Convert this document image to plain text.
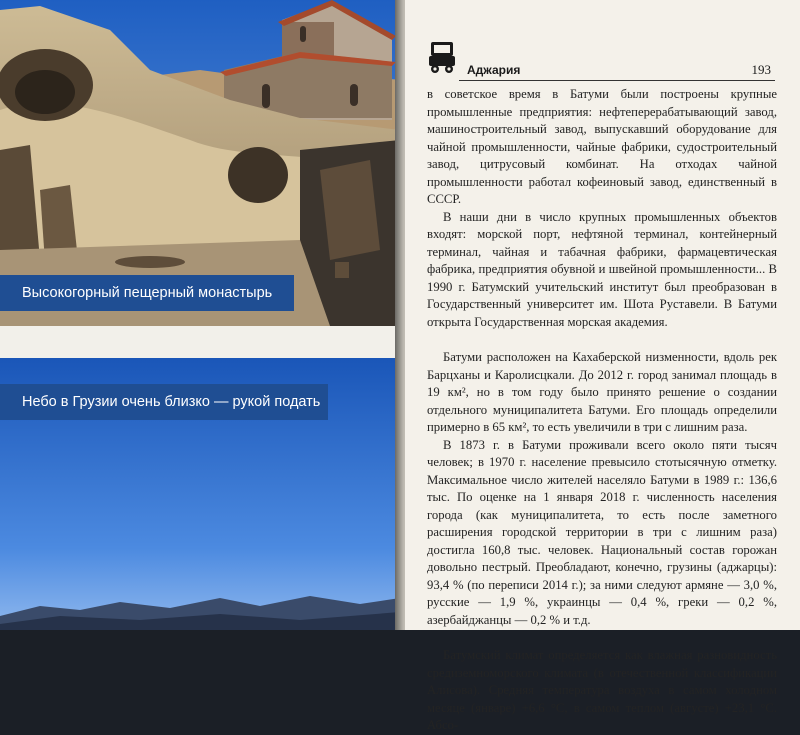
Высокогорный пещерный монастырь
Небо в Грузии очень близко — рукой подать
Аджария	193

в советское время в Батуми были построены крупные промышленные предприятия: нефтеперерабатывающий завод, машиностроительный завод, выпускавший оборудование для чайной промышленности, чайные фабрики, судостроительный завод, цитрусовый комбинат. На отходах чайной промышленности работал кофеиновый завод, единственный в СССР.

В наши дни в число крупных промышленных объектов входят: морской порт, нефтяной терминал, контейнерный терминал, чайная и табачная фабрики, фармацевтическая фабрика, предприятия обувной и швейной промышленности... В 1990 г. Батумский учительский институт был преобразован в Государственный университет им. Шота Руставели. В Батуми открыта Государственная морская академия.

Батуми расположен на Кахаберской низменности, вдоль рек Барцханы и Каролисцкали. До 2012 г. город занимал площадь в 19 км², но в том году было принято решение о создании отдельного муниципалитета Батуми. Его площадь определили примерно в 65 км², то есть увеличили в три с лишним раза.

В 1873 г. в Батуми проживали всего около пяти тысяч человек; в 1970 г. население превысило стотысячную отметку. Максимальное число жителей населяло Батуми в 1989 г.: 136,6 тыс. По оценке на 1 января 2018 г. численность населения города (как муниципалитета, то есть после заметного расширения городской территории в три с лишним раза) достигла 160,8 тыс. человек. Национальный состав горожан довольно пестрый. Преобладают, конечно, грузины (аджарцы): 93,4 % (по переписи 2014 г.); за ними следуют армяне — 3,0 %, русские — 1,9 %, украинцы — 0,4 %, греки — 0,2 %, азербайджанцы — 0,2 % и т.д.

Батумский климат определяется как влажная разновидность средиземноморского климата (в отечественной классификации Алисова). Средняя температура воздуха в самом холодном месяце (январе) +6,6 °С, в самом теплом (августе) +23,1 °С. Абсо-
